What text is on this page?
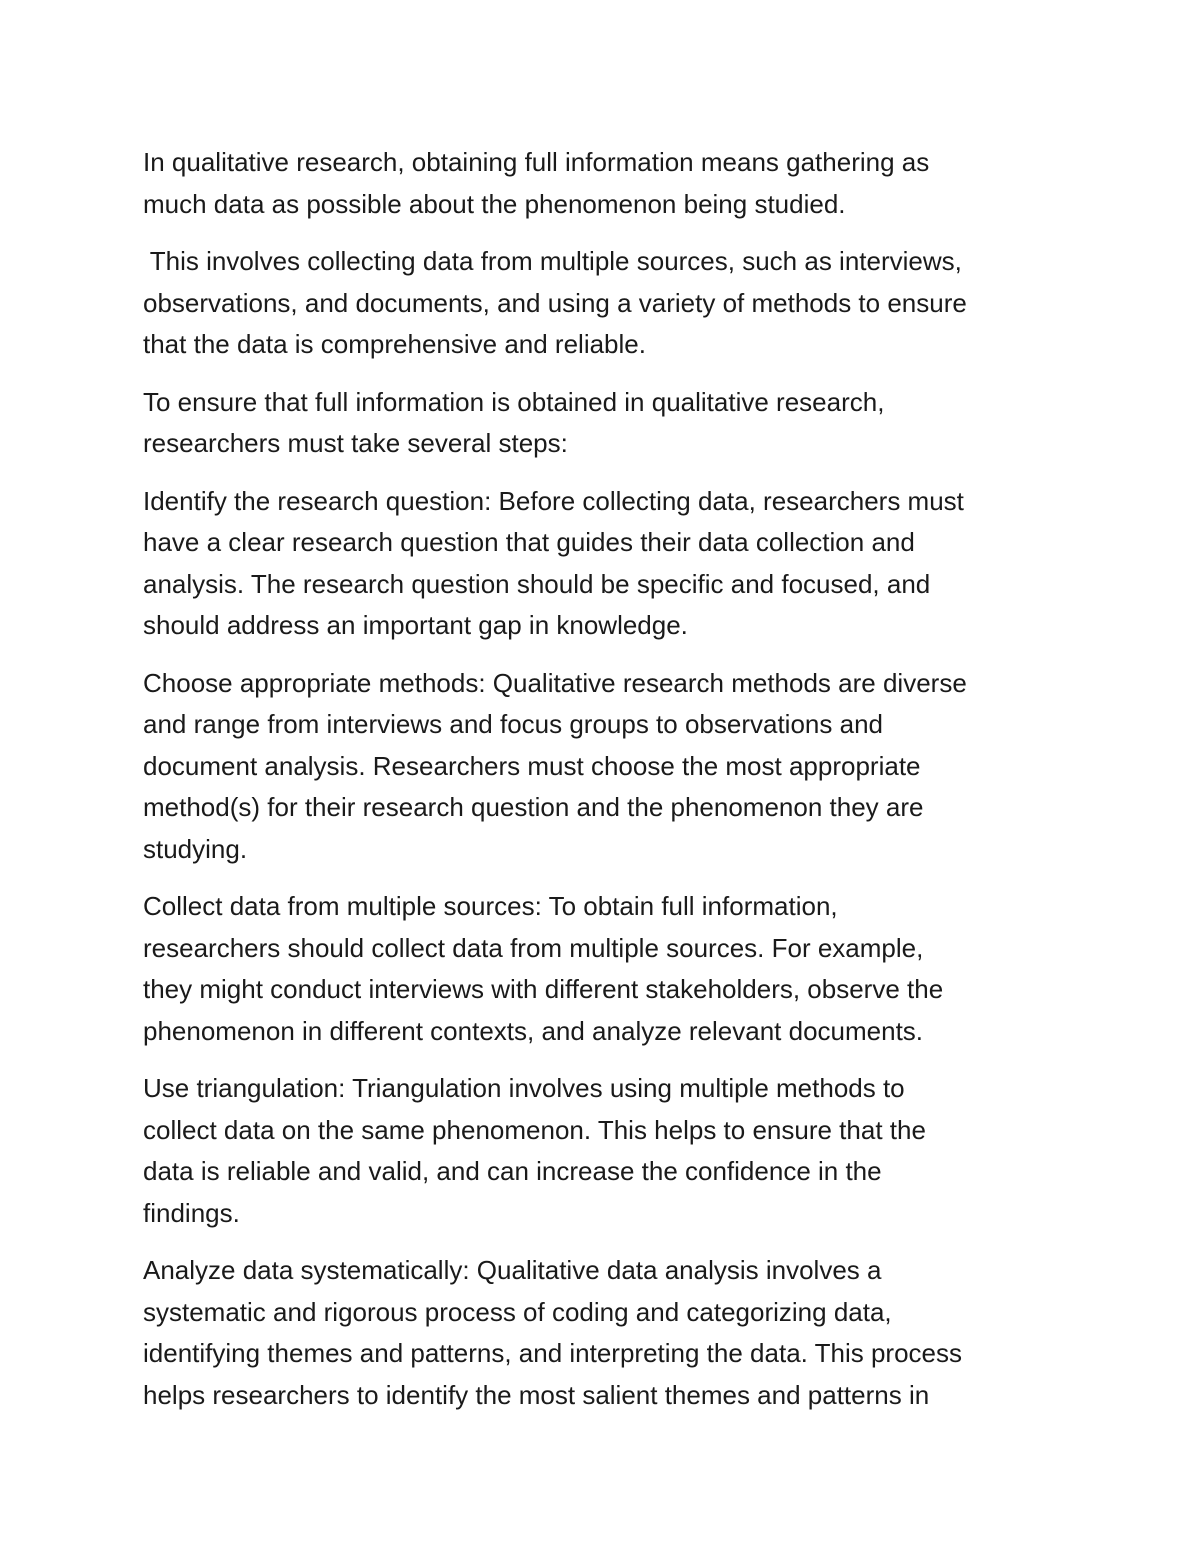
In qualitative research, obtaining full information means gathering as
much data as possible about the phenomenon being studied.

This involves collecting data from multiple sources, such as interviews,
observations, and documents, and using a variety of methods to ensure
that the data is comprehensive and reliable.

To ensure that full information is obtained in qualitative research,
researchers must take several steps:

Identify the research question: Before collecting data, researchers must
have a clear research question that guides their data collection and
analysis. The research question should be specific and focused, and
should address an important gap in knowledge.

Choose appropriate methods: Qualitative research methods are diverse
and range from interviews and focus groups to observations and
document analysis. Researchers must choose the most appropriate
method(s) for their research question and the phenomenon they are
studying.

Collect data from multiple sources: To obtain full information,
researchers should collect data from multiple sources. For example,
they might conduct interviews with different stakeholders, observe the
phenomenon in different contexts, and analyze relevant documents.

Use triangulation: Triangulation involves using multiple methods to
collect data on the same phenomenon. This helps to ensure that the
data is reliable and valid, and can increase the confidence in the
findings.

Analyze data systematically: Qualitative data analysis involves a
systematic and rigorous process of coding and categorizing data,
identifying themes and patterns, and interpreting the data. This process
helps researchers to identify the most salient themes and patterns in
